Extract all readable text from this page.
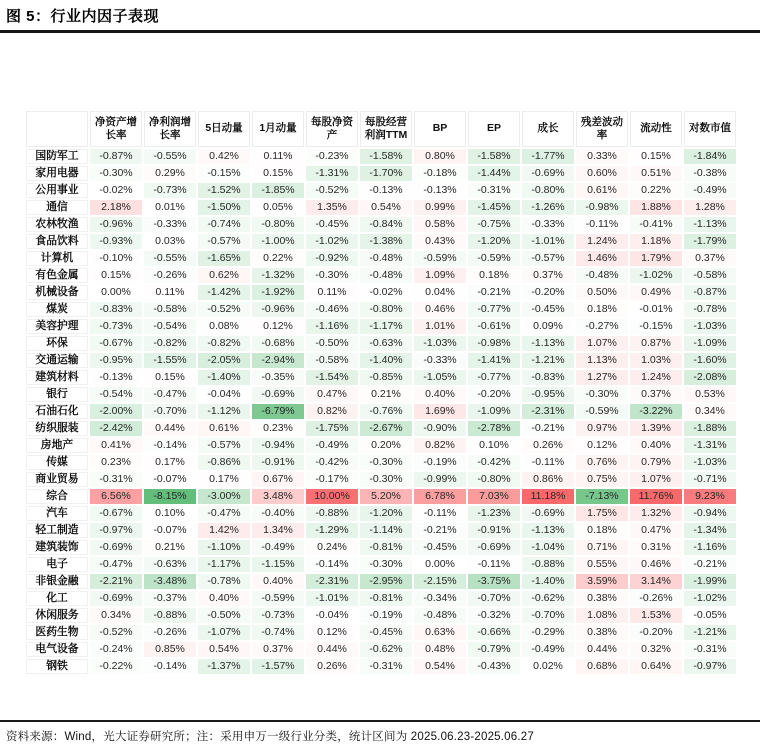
图 5：行业内因子表现
	净资产增长率	净利润增长率	5日动量	1月动量	每股净资产	每股经营利润TTM	BP	EP	成长	残差波动率	流动性	对数市值
国防军工	-0.87%	-0.55%	0.42%	0.11%	-0.23%	-1.58%	0.80%	-1.58%	-1.77%	0.33%	0.15%	-1.84%
家用电器	-0.30%	0.29%	-0.15%	0.15%	-1.31%	-1.70%	-0.18%	-1.44%	-0.69%	0.60%	0.51%	-0.38%
公用事业	-0.02%	-0.73%	-1.52%	-1.85%	-0.52%	-0.13%	-0.13%	-0.31%	-0.80%	0.61%	0.22%	-0.49%
通信	2.18%	0.01%	-1.50%	0.05%	1.35%	0.54%	0.99%	-1.45%	-1.26%	-0.98%	1.88%	1.28%
农林牧渔	-0.96%	-0.33%	-0.74%	-0.80%	-0.45%	-0.84%	0.58%	-0.75%	-0.33%	-0.11%	-0.41%	-1.13%
食品饮料	-0.93%	0.03%	-0.57%	-1.00%	-1.02%	-1.38%	0.43%	-1.20%	-1.01%	1.24%	1.18%	-1.79%
计算机	-0.10%	-0.55%	-1.65%	0.22%	-0.92%	-0.48%	-0.59%	-0.59%	-0.57%	1.46%	1.79%	0.37%
有色金属	0.15%	-0.26%	0.62%	-1.32%	-0.30%	-0.48%	1.09%	0.18%	0.37%	-0.48%	-1.02%	-0.58%
机械设备	0.00%	0.11%	-1.42%	-1.92%	0.11%	-0.02%	0.04%	-0.21%	-0.20%	0.50%	0.49%	-0.87%
煤炭	-0.83%	-0.58%	-0.52%	-0.96%	-0.46%	-0.80%	0.46%	-0.77%	-0.45%	0.18%	-0.01%	-0.78%
美容护理	-0.73%	-0.54%	0.08%	0.12%	-1.16%	-1.17%	1.01%	-0.61%	0.09%	-0.27%	-0.15%	-1.03%
环保	-0.67%	-0.82%	-0.82%	-0.68%	-0.50%	-0.63%	-1.03%	-0.98%	-1.13%	1.07%	0.87%	-1.09%
交通运输	-0.95%	-1.55%	-2.05%	-2.94%	-0.58%	-1.40%	-0.33%	-1.41%	-1.21%	1.13%	1.03%	-1.60%
建筑材料	-0.13%	0.15%	-1.40%	-0.35%	-1.54%	-0.85%	-1.05%	-0.77%	-0.83%	1.27%	1.24%	-2.08%
银行	-0.54%	-0.47%	-0.04%	-0.69%	0.47%	0.21%	0.40%	-0.20%	-0.95%	-0.30%	0.37%	0.53%
石油石化	-2.00%	-0.70%	-1.12%	-6.79%	0.82%	-0.76%	1.69%	-1.09%	-2.31%	-0.59%	-3.22%	0.34%
纺织服装	-2.42%	0.44%	0.61%	0.23%	-1.75%	-2.67%	-0.90%	-2.78%	-0.21%	0.97%	1.39%	-1.88%
房地产	0.41%	-0.14%	-0.57%	-0.94%	-0.49%	0.20%	0.82%	0.10%	0.26%	0.12%	0.40%	-1.31%
传媒	0.23%	0.17%	-0.86%	-0.91%	-0.42%	-0.30%	-0.19%	-0.42%	-0.11%	0.76%	0.79%	-1.03%
商业贸易	-0.31%	-0.07%	0.17%	0.67%	-0.17%	-0.30%	-0.99%	-0.80%	0.86%	0.75%	1.07%	-0.71%
综合	6.56%	-8.15%	-3.00%	3.48%	10.00%	5.20%	6.78%	7.03%	11.18%	-7.13%	11.76%	9.23%
汽车	-0.67%	0.10%	-0.47%	-0.40%	-0.88%	-1.20%	-0.11%	-1.23%	-0.69%	1.75%	1.32%	-0.94%
轻工制造	-0.97%	-0.07%	1.42%	1.34%	-1.29%	-1.14%	-0.21%	-0.91%	-1.13%	0.18%	0.47%	-1.34%
建筑装饰	-0.69%	0.21%	-1.10%	-0.49%	0.24%	-0.81%	-0.45%	-0.69%	-1.04%	0.71%	0.31%	-1.16%
电子	-0.47%	-0.63%	-1.17%	-1.15%	-0.14%	-0.30%	0.00%	-0.11%	-0.88%	0.55%	0.46%	-0.21%
非银金融	-2.21%	-3.48%	-0.78%	0.40%	-2.31%	-2.95%	-2.15%	-3.75%	-1.40%	3.59%	3.14%	-1.99%
化工	-0.69%	-0.37%	0.40%	-0.59%	-1.01%	-0.81%	-0.34%	-0.70%	-0.62%	0.38%	-0.26%	-1.02%
休闲服务	0.34%	-0.88%	-0.50%	-0.73%	-0.04%	-0.19%	-0.48%	-0.32%	-0.70%	1.08%	1.53%	-0.05%
医药生物	-0.52%	-0.26%	-1.07%	-0.74%	0.12%	-0.45%	0.63%	-0.66%	-0.29%	0.38%	-0.20%	-1.21%
电气设备	-0.24%	0.85%	0.54%	0.37%	0.44%	-0.62%	0.48%	-0.79%	-0.49%	0.44%	0.32%	-0.31%
钢铁	-0.22%	-0.14%	-1.37%	-1.57%	0.26%	-0.31%	0.54%	-0.43%	0.02%	0.68%	0.64%	-0.97%
资料来源：Wind，光大证券研究所；注：采用申万一级行业分类，统计区间为 2025.06.23-2025.06.27
